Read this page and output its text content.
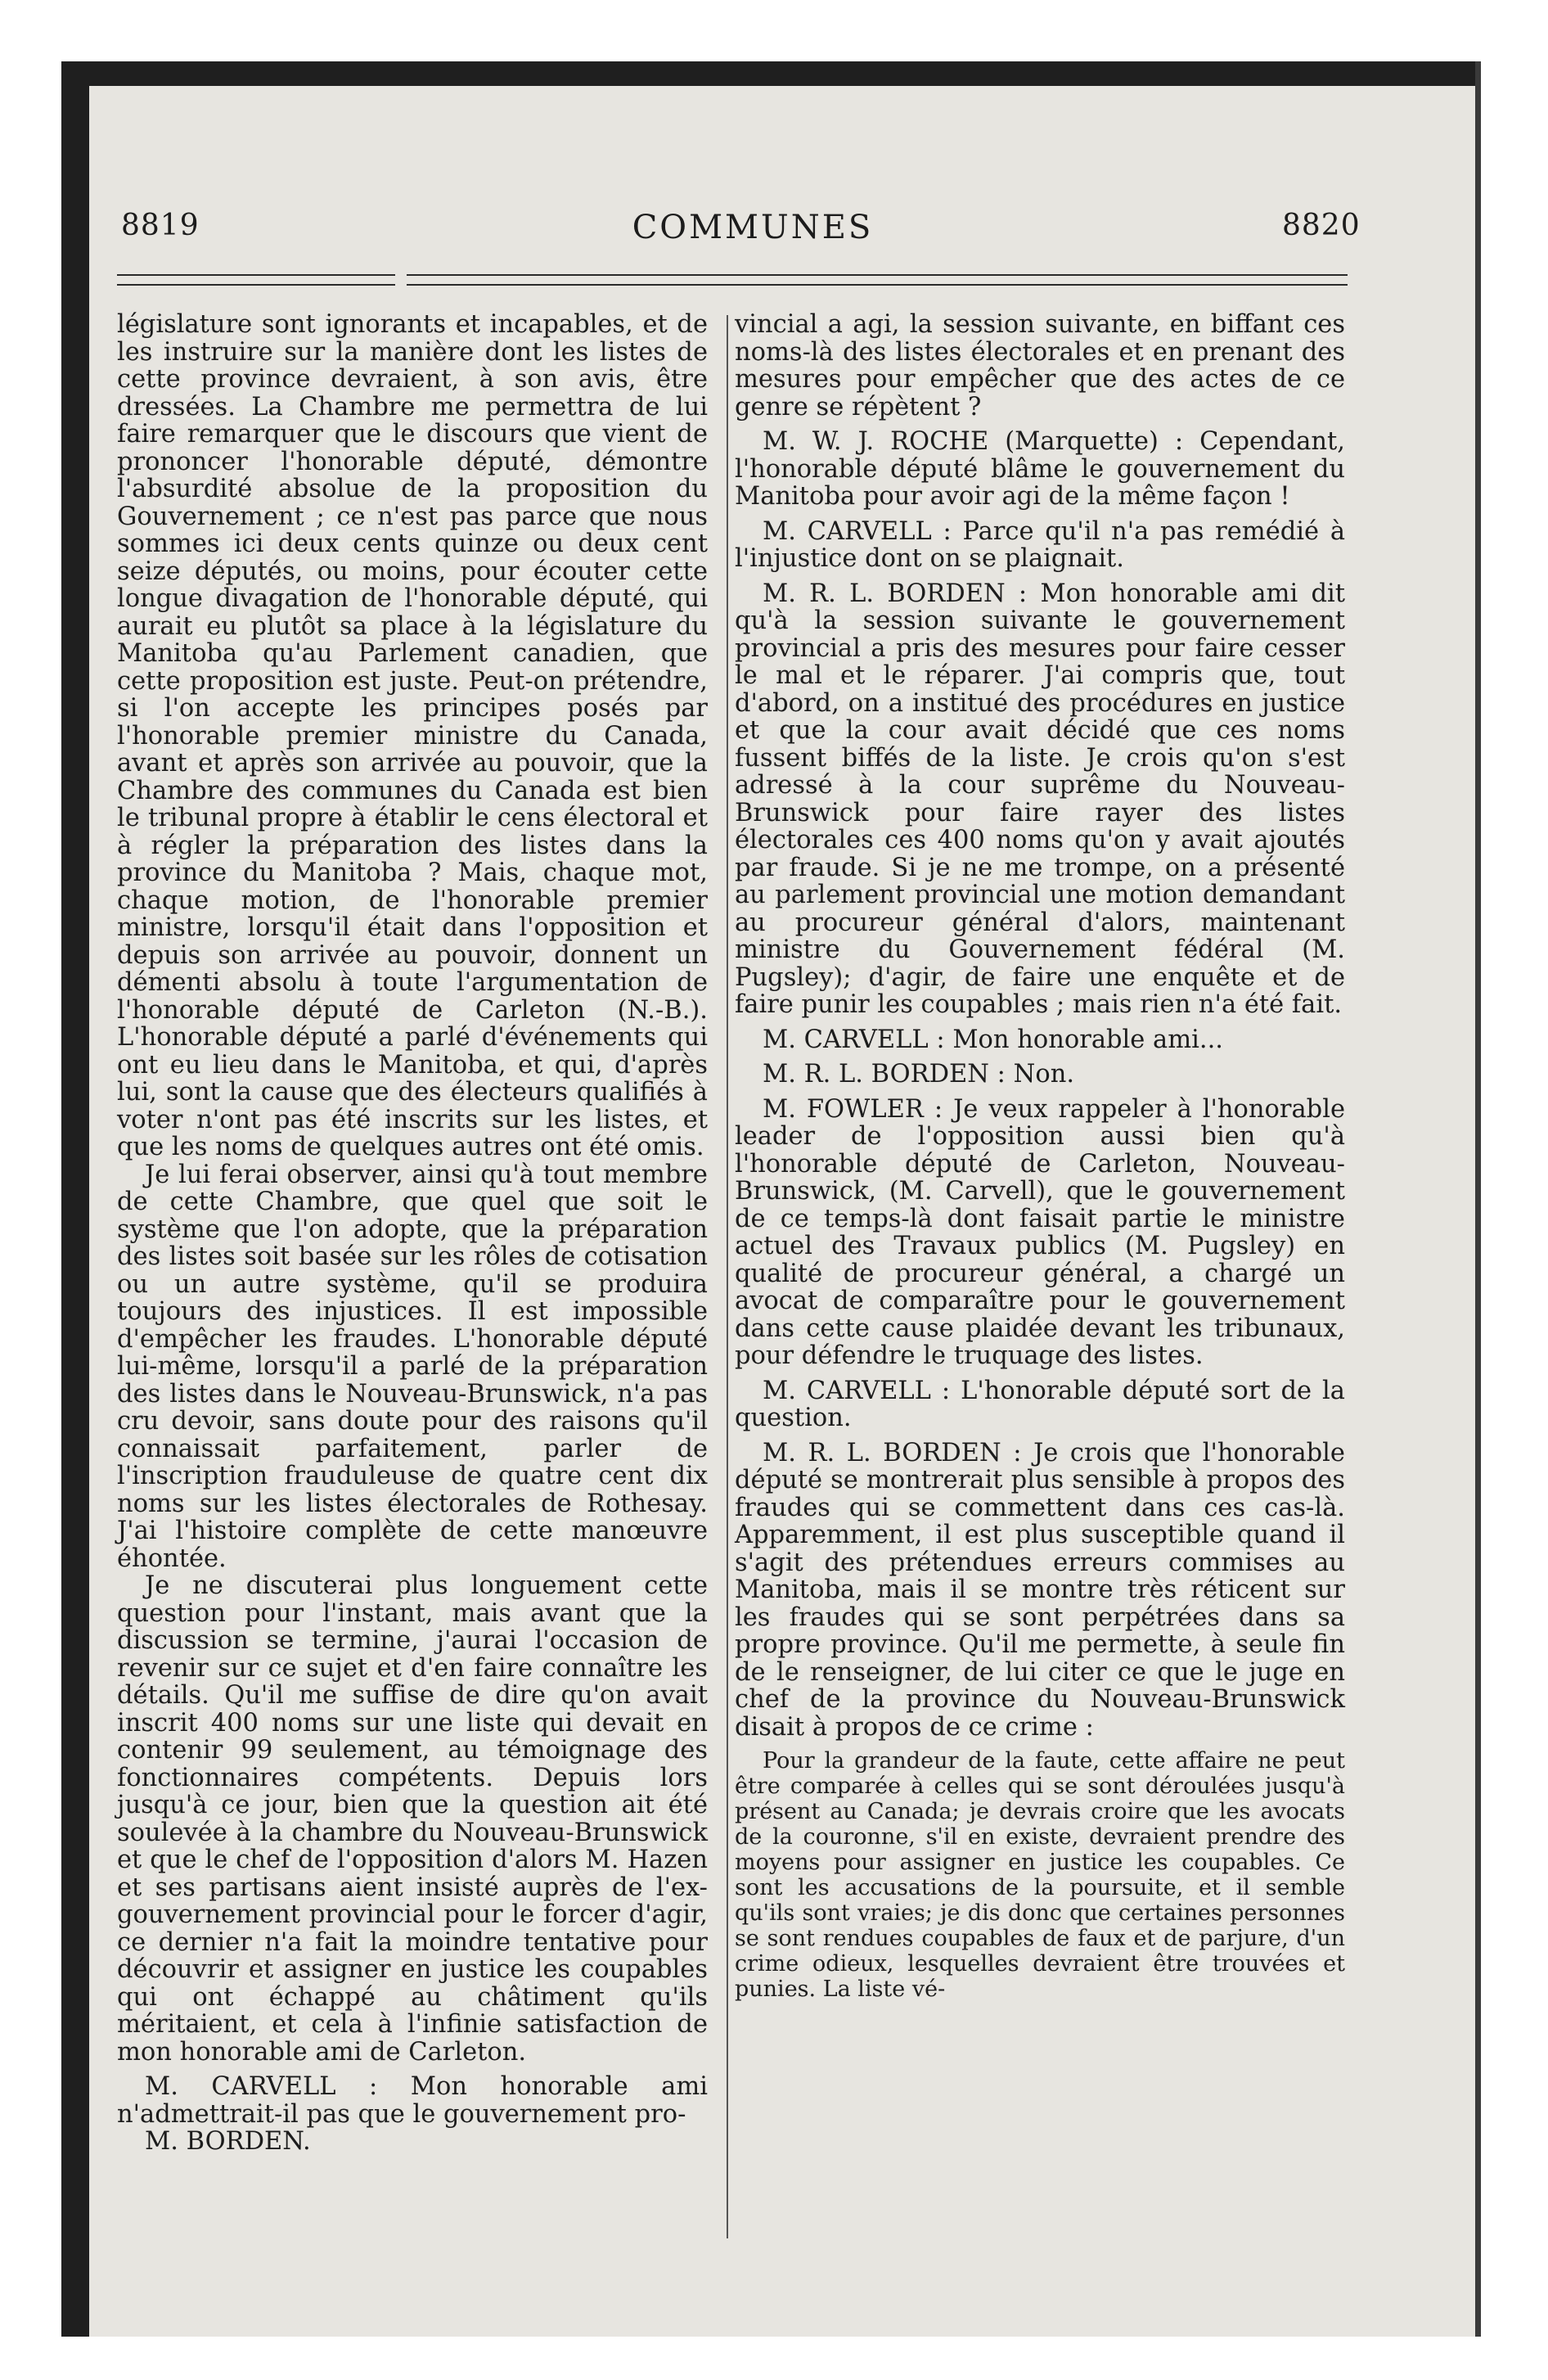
8819	COMMUNES	8820

législature sont ignorants et incapables, et de les instruire sur la manière dont les listes de cette province devraient, à son avis, être dressées. La Chambre me permettra de lui faire remarquer que le discours que vient de prononcer l'honorable député, démontre l'absurdité absolue de la proposition du Gouvernement ; ce n'est pas parce que nous sommes ici deux cents quinze ou deux cent seize députés, ou moins, pour écouter cette longue divagation de l'honorable député, qui aurait eu plutôt sa place à la législature du Manitoba qu'au Parlement canadien, que cette proposition est juste. Peut-on prétendre, si l'on accepte les principes posés par l'honorable premier ministre du Canada, avant et après son arrivée au pouvoir, que la Chambre des communes du Canada est bien le tribunal propre à établir le cens électoral et à régler la préparation des listes dans la province du Manitoba ? Mais, chaque mot, chaque motion, de l'honorable premier ministre, lorsqu'il était dans l'opposition et depuis son arrivée au pouvoir, donnent un démenti absolu à toute l'argumentation de l'honorable député de Carleton (N.-B.). L'honorable député a parlé d'événements qui ont eu lieu dans le Manitoba, et qui, d'après lui, sont la cause que des électeurs qualifiés à voter n'ont pas été inscrits sur les listes, et que les noms de quelques autres ont été omis.

Je lui ferai observer, ainsi qu'à tout membre de cette Chambre, que quel que soit le système que l'on adopte, que la préparation des listes soit basée sur les rôles de cotisation ou un autre système, qu'il se produira toujours des injustices. Il est impossible d'empêcher les fraudes. L'honorable député lui-même, lorsqu'il a parlé de la préparation des listes dans le Nouveau-Brunswick, n'a pas cru devoir, sans doute pour des raisons qu'il connaissait parfaitement, parler de l'inscription frauduleuse de quatre cent dix noms sur les listes électorales de Rothesay. J'ai l'histoire complète de cette manœuvre éhontée.

Je ne discuterai plus longuement cette question pour l'instant, mais avant que la discussion se termine, j'aurai l'occasion de revenir sur ce sujet et d'en faire connaître les détails. Qu'il me suffise de dire qu'on avait inscrit 400 noms sur une liste qui devait en contenir 99 seulement, au témoignage des fonctionnaires compétents. Depuis lors jusqu'à ce jour, bien que la question ait été soulevée à la chambre du Nouveau-Brunswick et que le chef de l'opposition d'alors M. Hazen et ses partisans aient insisté auprès de l'ex-gouvernement provincial pour le forcer d'agir, ce dernier n'a fait la moindre tentative pour découvrir et assigner en justice les coupables qui ont échappé au châtiment qu'ils méritaient, et cela à l'infinie satisfaction de mon honorable ami de Carleton.

M. CARVELL : Mon honorable ami n'admettrait-il pas que le gouvernement pro-

M. BORDEN.

vincial a agi, la session suivante, en biffant ces noms-là des listes électorales et en prenant des mesures pour empêcher que des actes de ce genre se répètent ?

M. W. J. ROCHE (Marquette) : Cependant, l'honorable député blâme le gouvernement du Manitoba pour avoir agi de la même façon !

M. CARVELL : Parce qu'il n'a pas remédié à l'injustice dont on se plaignait.

M. R. L. BORDEN : Mon honorable ami dit qu'à la session suivante le gouvernement provincial a pris des mesures pour faire cesser le mal et le réparer. J'ai compris que, tout d'abord, on a institué des procédures en justice et que la cour avait décidé que ces noms fussent biffés de la liste. Je crois qu'on s'est adressé à la cour suprême du Nouveau-Brunswick pour faire rayer des listes électorales ces 400 noms qu'on y avait ajoutés par fraude. Si je ne me trompe, on a présenté au parlement provincial une motion demandant au procureur général d'alors, maintenant ministre du Gouvernement fédéral (M. Pugsley); d'agir, de faire une enquête et de faire punir les coupables ; mais rien n'a été fait.

M. CARVELL : Mon honorable ami...

M. R. L. BORDEN : Non.

M. FOWLER : Je veux rappeler à l'honorable leader de l'opposition aussi bien qu'à l'honorable député de Carleton, Nouveau-Brunswick, (M. Carvell), que le gouvernement de ce temps-là dont faisait partie le ministre actuel des Travaux publics (M. Pugsley) en qualité de procureur général, a chargé un avocat de comparaître pour le gouvernement dans cette cause plaidée devant les tribunaux, pour défendre le truquage des listes.

M. CARVELL : L'honorable député sort de la question.

M. R. L. BORDEN : Je crois que l'honorable député se montrerait plus sensible à propos des fraudes qui se commettent dans ces cas-là. Apparemment, il est plus susceptible quand il s'agit des prétendues erreurs commises au Manitoba, mais il se montre très réticent sur les fraudes qui se sont perpétrées dans sa propre province. Qu'il me permette, à seule fin de le renseigner, de lui citer ce que le juge en chef de la province du Nouveau-Brunswick disait à propos de ce crime :

Pour la grandeur de la faute, cette affaire ne peut être comparée à celles qui se sont déroulées jusqu'à présent au Canada; je devrais croire que les avocats de la couronne, s'il en existe, devraient prendre des moyens pour assigner en justice les coupables. Ce sont les accusations de la poursuite, et il semble qu'ils sont vraies; je dis donc que certaines personnes se sont rendues coupables de faux et de parjure, d'un crime odieux, lesquelles devraient être trouvées et punies. La liste vé-
